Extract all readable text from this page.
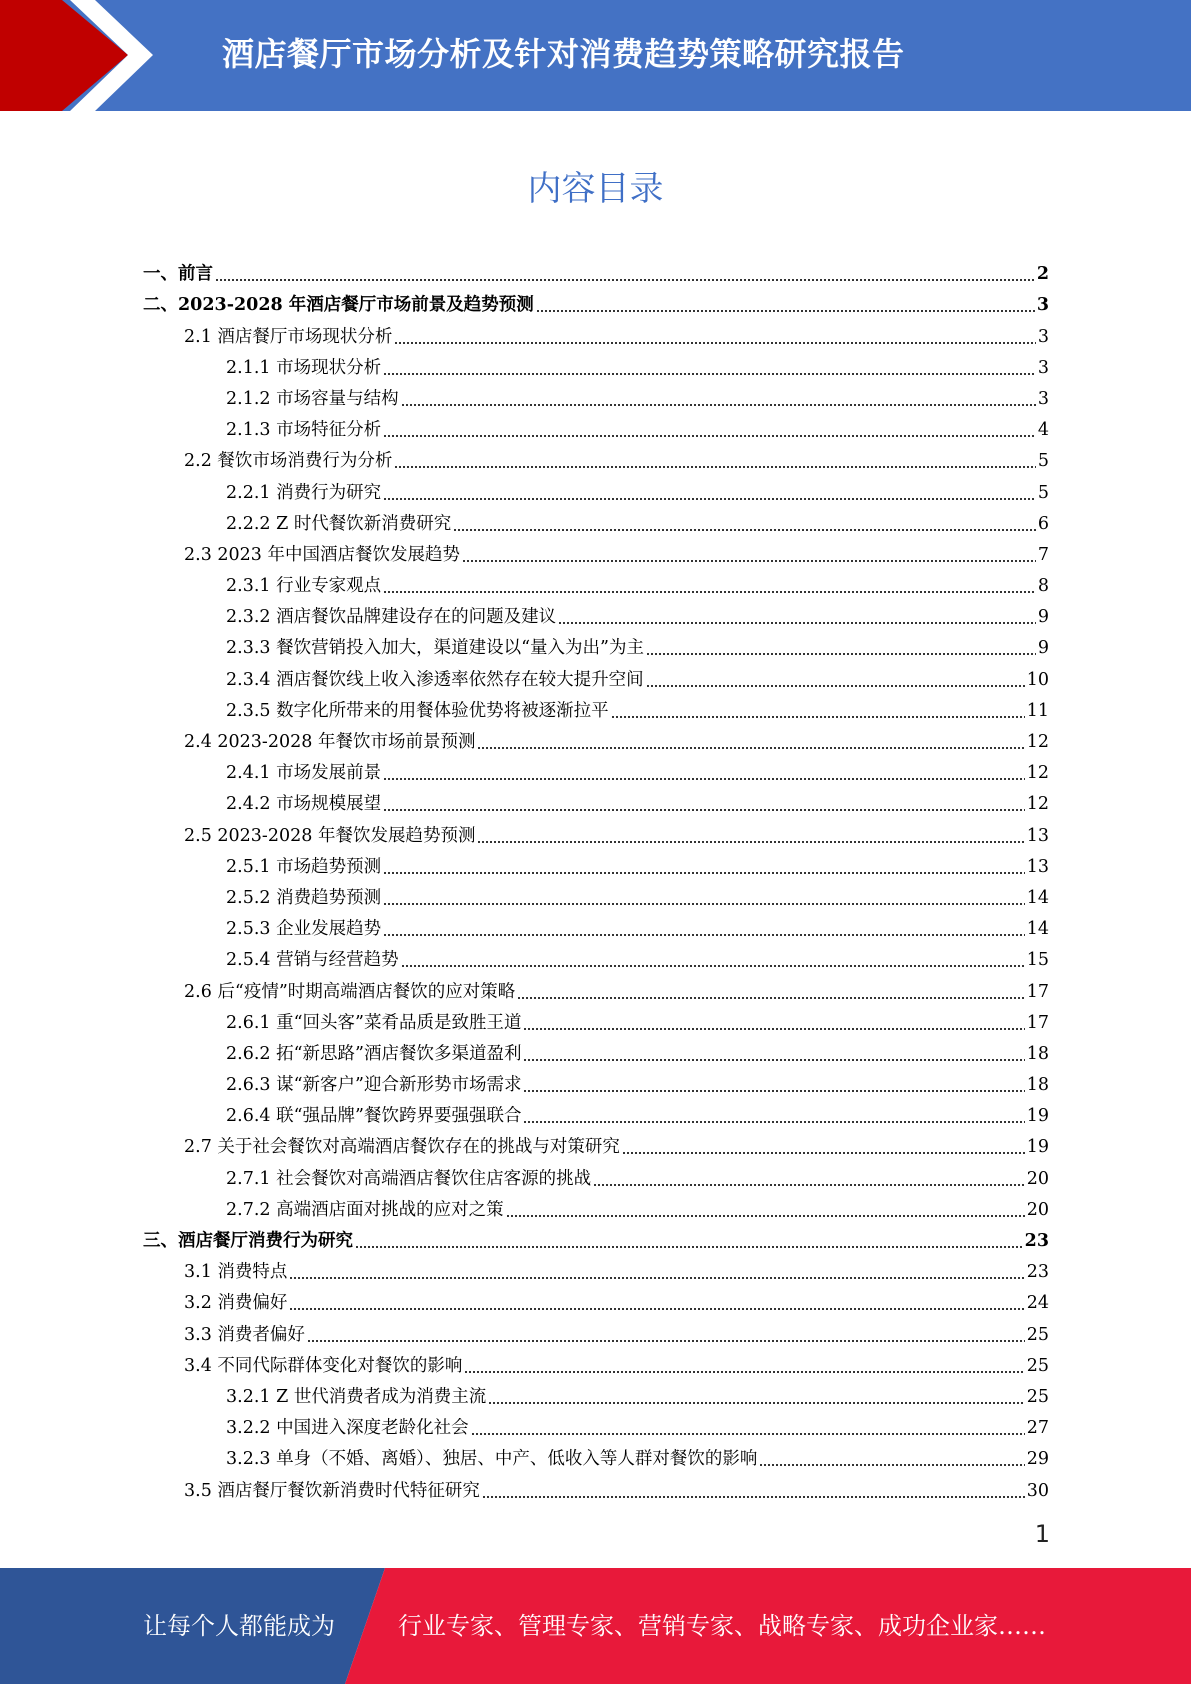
酒店餐厅市场分析及针对消费趋势策略研究报告
内容目录
一、前言	2
二、2023-2028 年酒店餐厅市场前景及趋势预测	3
2.1 酒店餐厅市场现状分析	3
2.1.1 市场现状分析	3
2.1.2 市场容量与结构	3
2.1.3 市场特征分析	4
2.2 餐饮市场消费行为分析	5
2.2.1 消费行为研究	5
2.2.2 Z 时代餐饮新消费研究	6
2.3 2023 年中国酒店餐饮发展趋势	7
2.3.1 行业专家观点	8
2.3.2 酒店餐饮品牌建设存在的问题及建议	9
2.3.3 餐饮营销投入加大，渠道建设以“量入为出”为主	9
2.3.4 酒店餐饮线上收入渗透率依然存在较大提升空间	10
2.3.5 数字化所带来的用餐体验优势将被逐渐拉平	11
2.4 2023-2028 年餐饮市场前景预测	12
2.4.1 市场发展前景	12
2.4.2 市场规模展望	12
2.5 2023-2028 年餐饮发展趋势预测	13
2.5.1 市场趋势预测	13
2.5.2 消费趋势预测	14
2.5.3 企业发展趋势	14
2.5.4 营销与经营趋势	15
2.6 后“疫情”时期高端酒店餐饮的应对策略	17
2.6.1 重“回头客”菜肴品质是致胜王道	17
2.6.2 拓“新思路”酒店餐饮多渠道盈利	18
2.6.3 谋“新客户”迎合新形势市场需求	18
2.6.4 联“强品牌”餐饮跨界要强强联合	19
2.7 关于社会餐饮对高端酒店餐饮存在的挑战与对策研究	19
2.7.1 社会餐饮对高端酒店餐饮住店客源的挑战	20
2.7.2 高端酒店面对挑战的应对之策	20
三、酒店餐厅消费行为研究	23
3.1 消费特点	23
3.2 消费偏好	24
3.3 消费者偏好	25
3.4 不同代际群体变化对餐饮的影响	25
3.2.1 Z 世代消费者成为消费主流	25
3.2.2 中国进入深度老龄化社会	27
3.2.3 单身（不婚、离婚）、独居、中产、低收入等人群对餐饮的影响	29
3.5 酒店餐厅餐饮新消费时代特征研究	30
1
让每个人都能成为	行业专家、管理专家、营销专家、战略专家、成功企业家……
